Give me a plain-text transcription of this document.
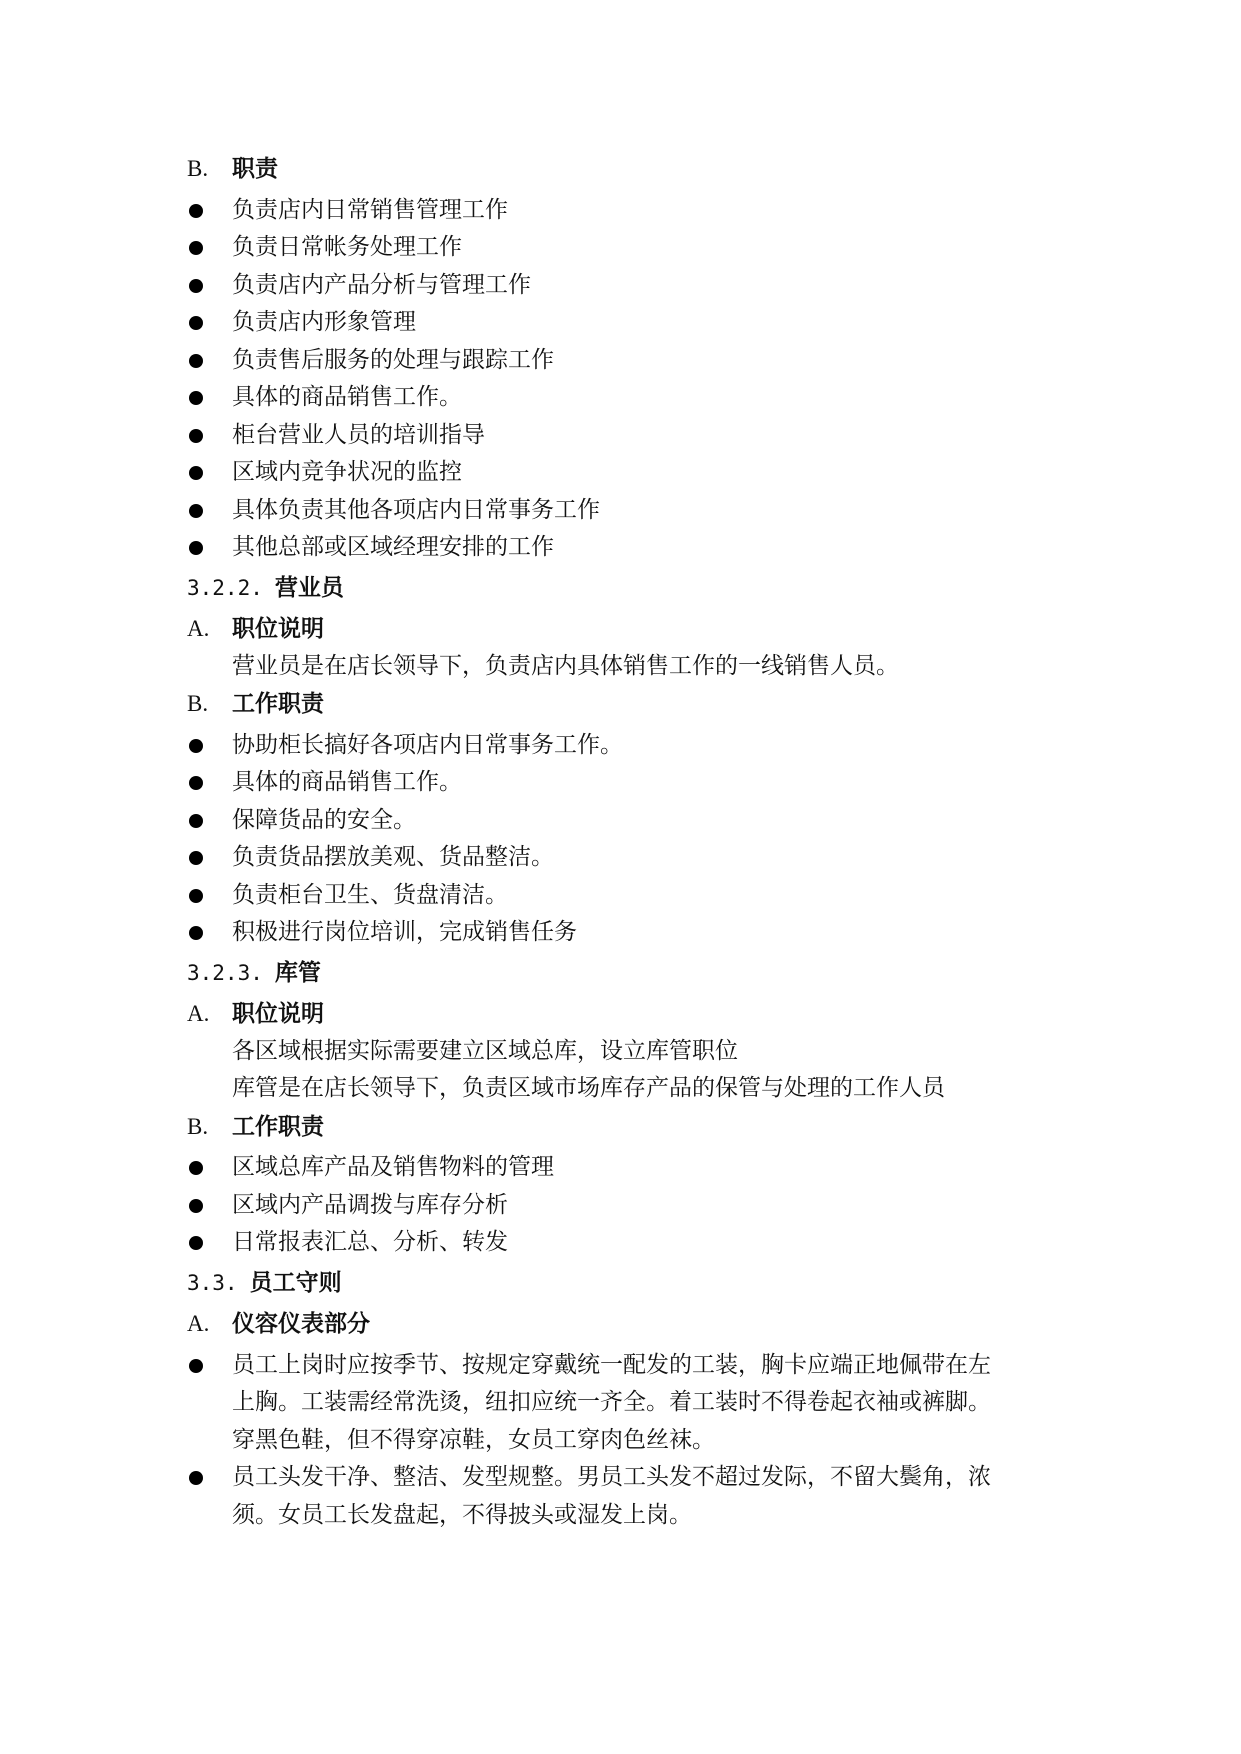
B. 职责
负责店内日常销售管理工作
负责日常帐务处理工作
负责店内产品分析与管理工作
负责店内形象管理
负责售后服务的处理与跟踪工作
具体的商品销售工作。
柜台营业人员的培训指导
区域内竞争状况的监控
具体负责其他各项店内日常事务工作
其他总部或区域经理安排的工作
3.2.2. 营业员
A. 职位说明
营业员是在店长领导下，负责店内具体销售工作的一线销售人员。
B. 工作职责
协助柜长搞好各项店内日常事务工作。
具体的商品销售工作。
保障货品的安全。
负责货品摆放美观、货品整洁。
负责柜台卫生、货盘清洁。
积极进行岗位培训，完成销售任务
3.2.3. 库管
A. 职位说明
各区域根据实际需要建立区域总库，设立库管职位
库管是在店长领导下，负责区域市场库存产品的保管与处理的工作人员
B. 工作职责
区域总库产品及销售物料的管理
区域内产品调拨与库存分析
日常报表汇总、分析、转发
3.3. 员工守则
A. 仪容仪表部分
员工上岗时应按季节、按规定穿戴统一配发的工装，胸卡应端正地佩带在左
上胸。工装需经常洗烫，纽扣应统一齐全。着工装时不得卷起衣袖或裤脚。
穿黑色鞋，但不得穿凉鞋，女员工穿肉色丝袜。
员工头发干净、整洁、发型规整。男员工头发不超过发际，不留大鬓角，浓
须。女员工长发盘起，不得披头或湿发上岗。
